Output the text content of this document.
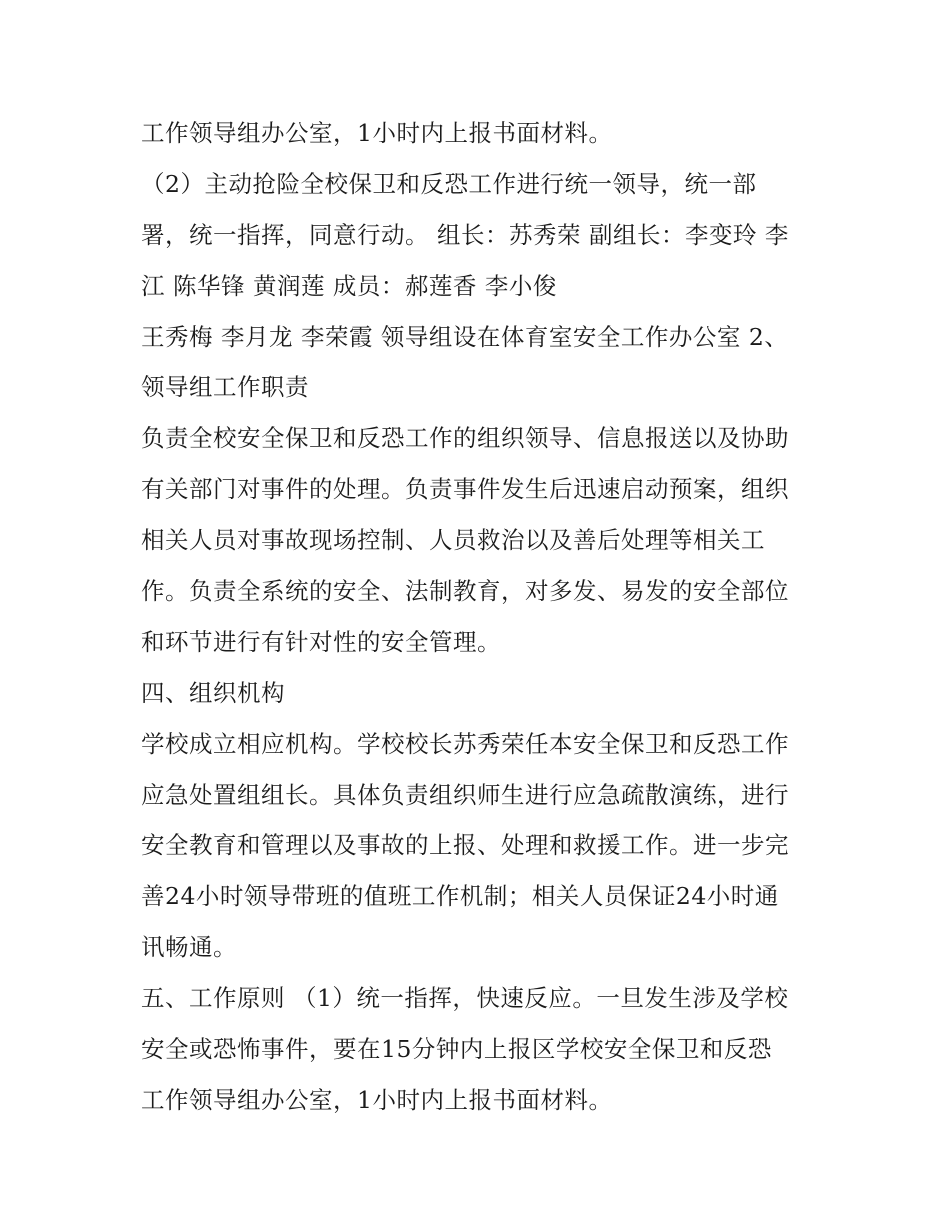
工作领导组办公室，1小时内上报书面材料。
（2）主动抢险全校保卫和反恐工作进行统一领导，统一部
署，统一指挥，同意行动。 组长：苏秀荣 副组长：李变玲 李
江 陈华锋 黄润莲 成员：郝莲香 李小俊
王秀梅 李月龙 李荣霞 领导组设在体育室安全工作办公室 2、
领导组工作职责
负责全校安全保卫和反恐工作的组织领导、信息报送以及协助
有关部门对事件的处理。负责事件发生后迅速启动预案，组织
相关人员对事故现场控制、人员救治以及善后处理等相关工
作。负责全系统的安全、法制教育，对多发、易发的安全部位
和环节进行有针对性的安全管理。
四、组织机构
学校成立相应机构。学校校长苏秀荣任本安全保卫和反恐工作
应急处置组组长。具体负责组织师生进行应急疏散演练，进行
安全教育和管理以及事故的上报、处理和救援工作。进一步完
善24小时领导带班的值班工作机制；相关人员保证24小时通
讯畅通。
五、工作原则 （1）统一指挥，快速反应。一旦发生涉及学校
安全或恐怖事件，要在15分钟内上报区学校安全保卫和反恐
工作领导组办公室，1小时内上报书面材料。
